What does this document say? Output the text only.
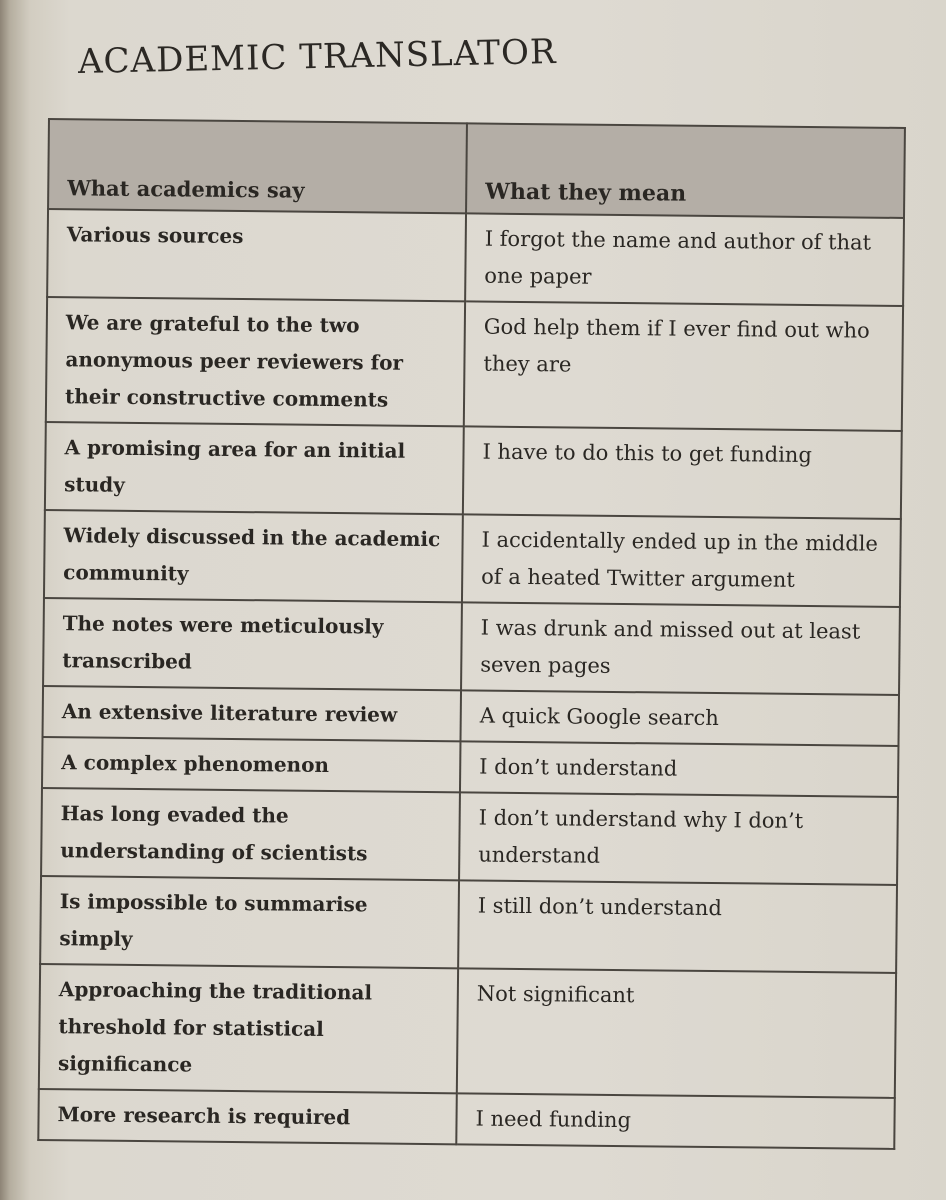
ACADEMIC TRANSLATOR
What academics say	What they mean
Various sources	I forgot the name and author of that one paper
We are grateful to the two anonymous peer reviewers for their constructive comments	God help them if I ever find out who they are
A promising area for an initial study	I have to do this to get funding
Widely discussed in the academic community	I accidentally ended up in the middle of a heated Twitter argument
The notes were meticulously transcribed	I was drunk and missed out at least seven pages
An extensive literature review	A quick Google search
A complex phenomenon	I don’t understand
Has long evaded the understanding of scientists	I don’t understand why I don’t understand
Is impossible to summarise simply	I still don’t understand
Approaching the traditional threshold for statistical significance	Not significant
More research is required	I need funding
